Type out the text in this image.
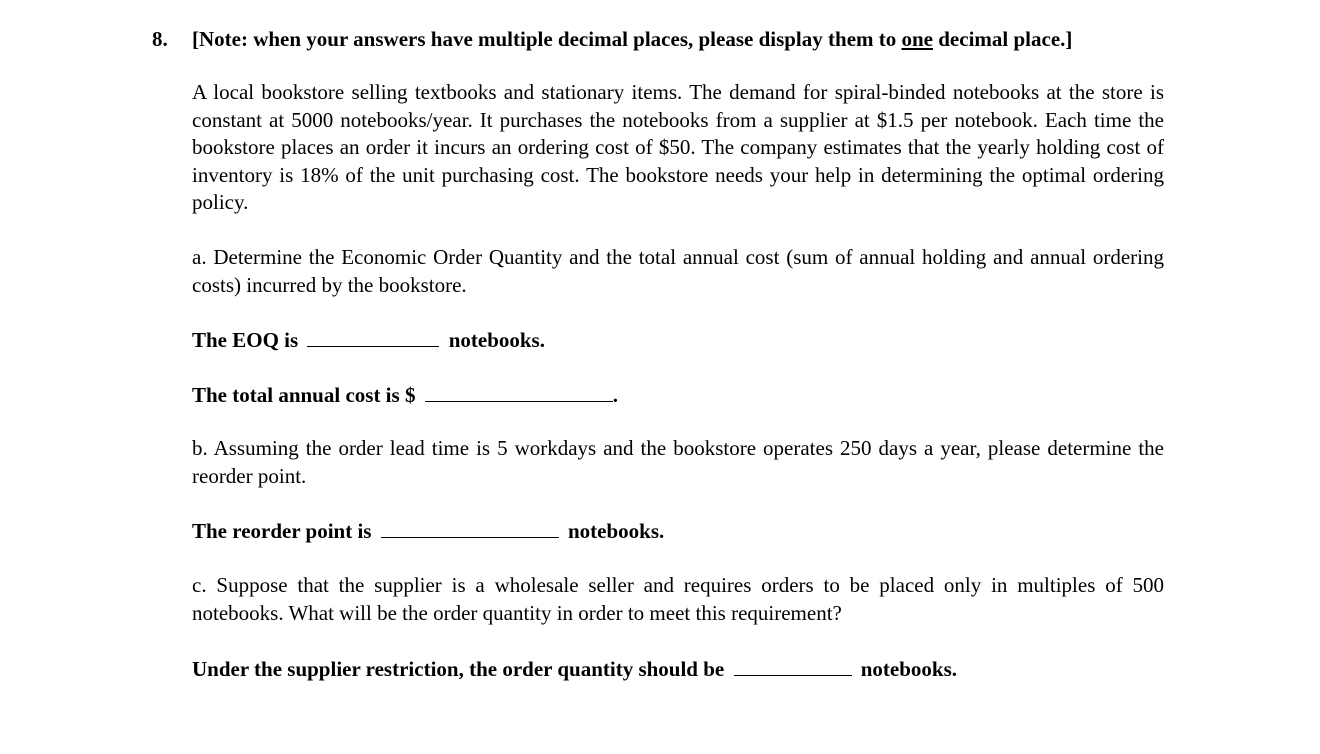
8. [Note: when your answers have multiple decimal places, please display them to one decimal place.]
A local bookstore selling textbooks and stationary items. The demand for spiral-binded notebooks at the store is constant at 5000 notebooks/year. It purchases the notebooks from a supplier at $1.5 per notebook. Each time the bookstore places an order it incurs an ordering cost of $50. The company estimates that the yearly holding cost of inventory is 18% of the unit purchasing cost. The bookstore needs your help in determining the optimal ordering policy.
a. Determine the Economic Order Quantity and the total annual cost (sum of annual holding and annual ordering costs) incurred by the bookstore.
The EOQ is	notebooks.
The total annual cost is $	.
b. Assuming the order lead time is 5 workdays and the bookstore operates 250 days a year, please determine the reorder point.
The reorder point is	notebooks.
c. Suppose that the supplier is a wholesale seller and requires orders to be placed only in multiples of 500 notebooks. What will be the order quantity in order to meet this requirement?
Under the supplier restriction, the order quantity should be	notebooks.
